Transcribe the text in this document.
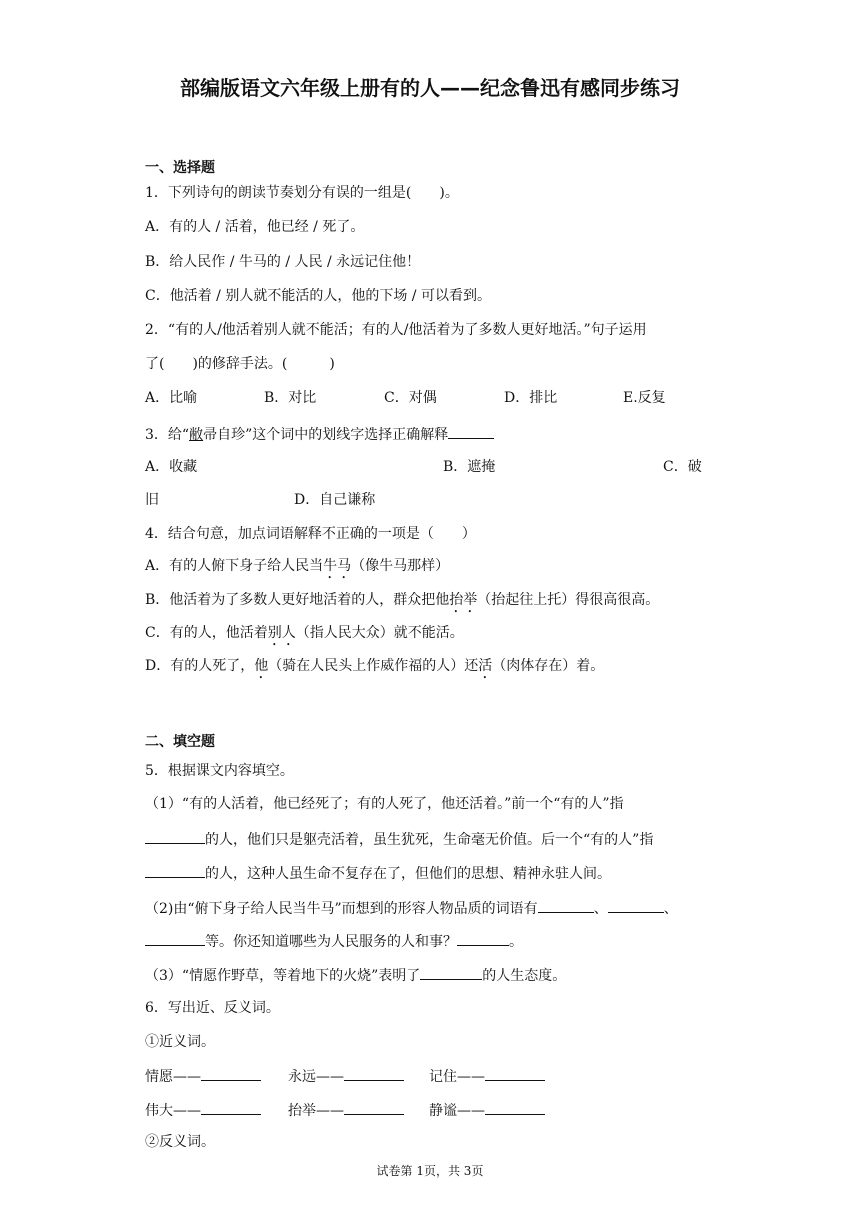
部编版语文六年级上册有的人——纪念鲁迅有感同步练习
一、选择题
1．下列诗句的朗读节奏划分有误的一组是(　　)。
A．有的人 / 活着，他已经 / 死了。
B．给人民作 / 牛马的 / 人民 / 永远记住他！
C．他活着 / 别人就不能活的人，他的下场 / 可以看到。
2．“有的人/他活着别人就不能活；有的人/他活着为了多数人更好地活。”句子运用
了(　　)的修辞手法。(　　　)
A．比喻	B．对比	C．对偶	D．排比	E.反复
3．给“敝帚自珍”这个词中的划线字选择正确解释
A．收藏	B．遮掩	C．破
旧	D．自己谦称
4．结合句意，加点词语解释不正确的一项是（　　）
A．有的人俯下身子给人民当牛马（像牛马那样）
B．他活着为了多数人更好地活着的人，群众把他抬举（抬起往上托）得很高很高。
C．有的人，他活着别人（指人民大众）就不能活。
D．有的人死了，他（骑在人民头上作威作福的人）还活（肉体存在）着。
二、填空题
5．根据课文内容填空。
（1）“有的人活着，他已经死了；有的人死了，他还活着。”前一个“有的人”指
的人，他们只是躯壳活着，虽生犹死，生命毫无价值。后一个“有的人”指
的人，这种人虽生命不复存在了，但他们的思想、精神永驻人间。
（2)由“俯下身子给人民当牛马”而想到的形容人物品质的词语有	、	、
等。你还知道哪些为人民服务的人和事？	。
（3）“情愿作野草，等着地下的火烧”表明了	的人生态度。
6．写出近、反义词。
①近义词。
情愿——	永远——	记住——
伟大——	抬举——	静谧——
②反义词。
试卷第 1页，共 3页
